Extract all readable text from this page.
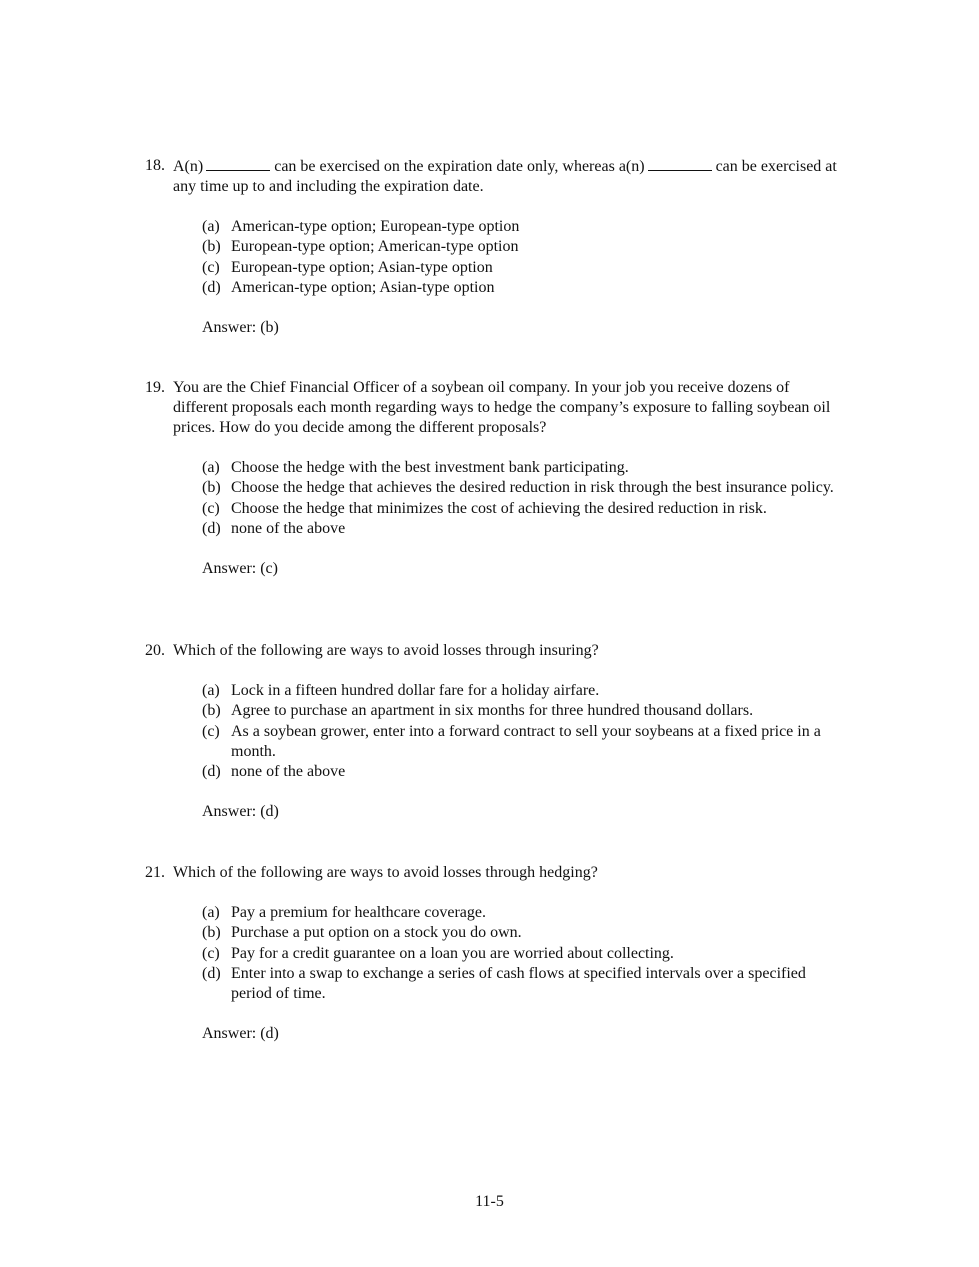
18. A(n)	can be exercised on the expiration date only, whereas a(n)	can be exercised at any time up to and including the expiration date.
(a) American-type option; European-type option
(b) European-type option; American-type option
(c) European-type option; Asian-type option
(d) American-type option; Asian-type option
Answer: (b)
19. You are the Chief Financial Officer of a soybean oil company. In your job you receive dozens of different proposals each month regarding ways to hedge the company’s exposure to falling soybean oil prices. How do you decide among the different proposals?
(a) Choose the hedge with the best investment bank participating.
(b) Choose the hedge that achieves the desired reduction in risk through the best insurance policy.
(c) Choose the hedge that minimizes the cost of achieving the desired reduction in risk.
(d) none of the above
Answer: (c)
20. Which of the following are ways to avoid losses through insuring?
(a) Lock in a fifteen hundred dollar fare for a holiday airfare.
(b) Agree to purchase an apartment in six months for three hundred thousand dollars.
(c) As a soybean grower, enter into a forward contract to sell your soybeans at a fixed price in a month.
(d) none of the above
Answer: (d)
21. Which of the following are ways to avoid losses through hedging?
(a) Pay a premium for healthcare coverage.
(b) Purchase a put option on a stock you do own.
(c) Pay for a credit guarantee on a loan you are worried about collecting.
(d) Enter into a swap to exchange a series of cash flows at specified intervals over a specified period of time.
Answer: (d)
11-5
